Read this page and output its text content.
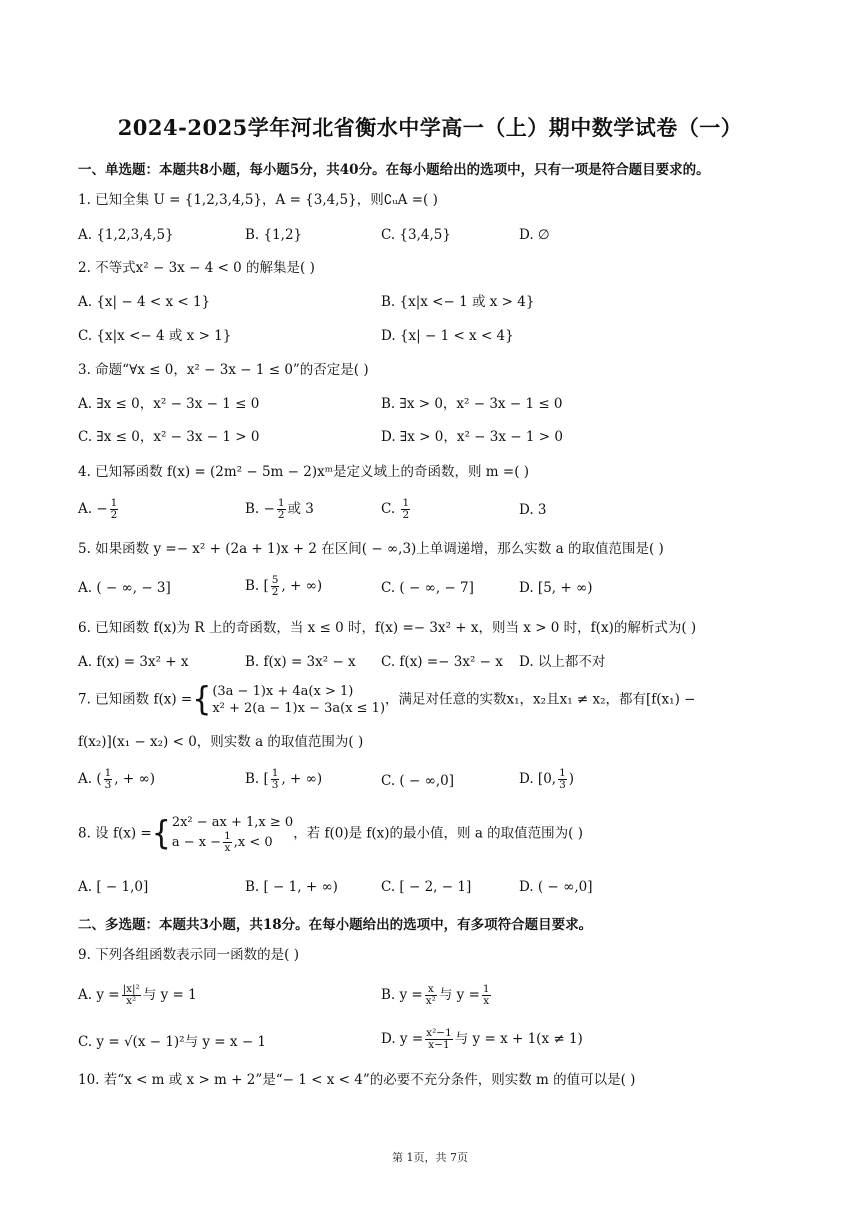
2024-2025学年河北省衡水中学高一（上）期中数学试卷（一）
一、单选题：本题共8小题，每小题5分，共40分。在每小题给出的选项中，只有一项是符合题目要求的。
1. 已知全集 U = {1,2,3,4,5}，A = {3,4,5}，则∁ᵤA =( )
A. {1,2,3,4,5}	B. {1,2}	C. {3,4,5}	D. ∅
2. 不等式x² − 3x − 4 < 0 的解集是( )
A. {x| − 4 < x < 1}	B. {x|x <− 1 或 x > 4}
C. {x|x <− 4 或 x > 1}	D. {x| − 1 < x < 4}
3. 命题“∀x ≤ 0，x² − 3x − 1 ≤ 0”的否定是( )
A. ∃x ≤ 0，x² − 3x − 1 ≤ 0	B. ∃x > 0，x² − 3x − 1 ≤ 0
C. ∃x ≤ 0，x² − 3x − 1 > 0	D. ∃x > 0，x² − 3x − 1 > 0
4. 已知幂函数 f(x) = (2m² − 5m − 2)xᵐ是定义域上的奇函数，则 m =( )
A. − $\frac{1}{2}$	B. − $\frac{1}{2}$ 或 3	C. $\frac{1}{2}$	D. 3
5. 如果函数 y =− x² + (2a + 1)x + 2 在区间( − ∞,3)上单调递增，那么实数 a 的取值范围是( )
A. ( − ∞, − 3]	B. [ $\frac{5}{2}$ , + ∞)	C. ( − ∞, − 7]	D. [5, + ∞)
6. 已知函数 f(x)为 R 上的奇函数，当 x ≤ 0 时，f(x) =− 3x² + x，则当 x > 0 时，f(x)的解析式为( )
A. f(x) = 3x² + x	B. f(x) = 3x² − x C. f(x) =− 3x² − x D. 以上都不对
7. 已知函数 f(x) ={ (3a − 1)x + 4a(x > 1)
x² + 2(a − 1)x − 3a(x ≤ 1)
，满足对任意的实数x₁，x₂且x₁ ≠ x₂，都有[f(x₁) −
f(x₂)](x₁ − x₂) < 0，则实数 a 的取值范围为( )
A. ( $\frac{1}{3}$ , + ∞)	B. [ $\frac{1}{3}$ , + ∞)	C. ( − ∞,0]	D. [0, $\frac{1}{3}$ )
8. 设 f(x) ={ 2x² − ax + 1,x ≥ 0
$a - x - \frac{1}{x} ,x < 0$
，若 f(0)是 f(x)的最小值，则 a 的取值范围为( )
A. [ − 1,0]	B. [ − 1, + ∞)	C. [ − 2, − 1]	D. ( − ∞,0]
二、多选题：本题共3小题，共18分。在每小题给出的选项中，有多项符合题目要求。
9. 下列各组函数表示同一函数的是( )
A. $y = \frac{\text{|x|²}}{\text{x²}}$ 与 y = 1	B. $y = \frac{x}{\text{x²}}$ 与 $y = \frac{1}{x}$
C. y = √(x − 1)²与 y = x − 1	D. $y = \frac{\text{x²−1}}{x-1}$ 与 y = x + 1(x ≠ 1)
10. 若“x < m 或 x > m + 2”是“− 1 < x < 4”的必要不充分条件，则实数 m 的值可以是( )
第 1页，共 7页
